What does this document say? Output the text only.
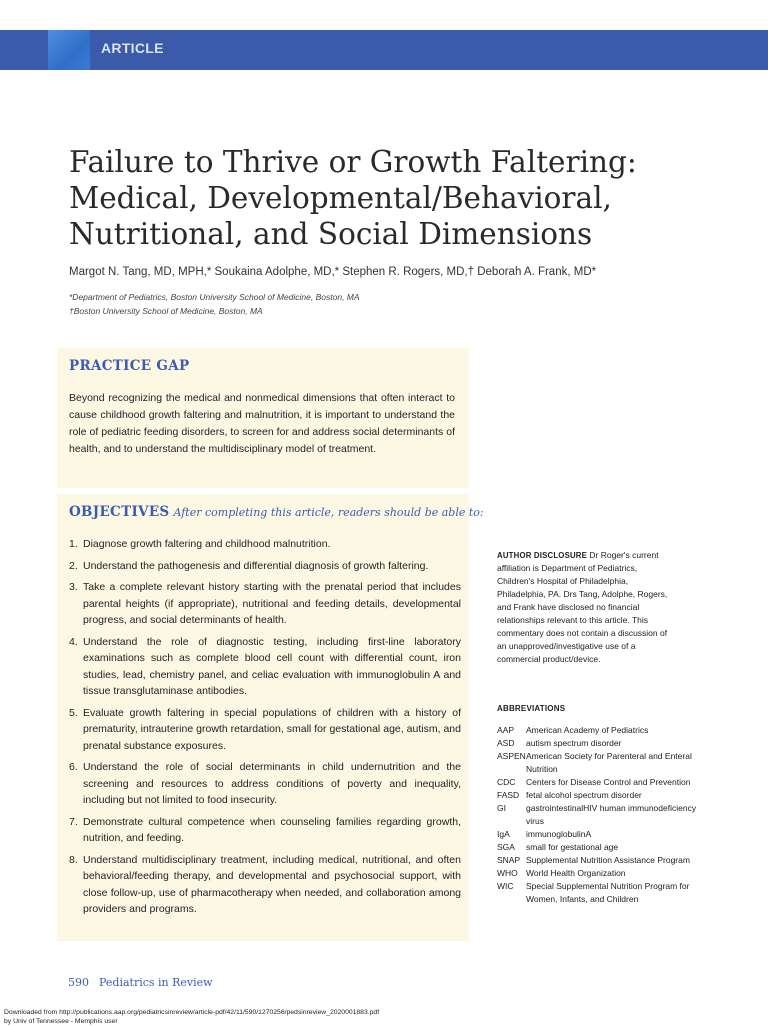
ARTICLE
Failure to Thrive or Growth Faltering:
Medical, Developmental/Behavioral,
Nutritional, and Social Dimensions
Margot N. Tang, MD, MPH,* Soukaina Adolphe, MD,* Stephen R. Rogers, MD,† Deborah A. Frank, MD*
*Department of Pediatrics, Boston University School of Medicine, Boston, MA
†Boston University School of Medicine, Boston, MA
PRACTICE GAP

Beyond recognizing the medical and nonmedical dimensions that often interact to cause childhood growth faltering and malnutrition, it is important to understand the role of pediatric feeding disorders, to screen for and address social determinants of health, and to understand the multidisciplinary model of treatment.

OBJECTIVES After completing this article, readers should be able to:
1. Diagnose growth faltering and childhood malnutrition.
2. Understand the pathogenesis and differential diagnosis of growth faltering.
3. Take a complete relevant history starting with the prenatal period that includes parental heights (if appropriate), nutritional and feeding details, developmental progress, and social determinants of health.
4. Understand the role of diagnostic testing, including first-line laboratory examinations such as complete blood cell count with differential count, iron studies, lead, chemistry panel, and celiac evaluation with immunoglobulin A and tissue transglutaminase antibodies.
5. Evaluate growth faltering in special populations of children with a history of prematurity, intrauterine growth retardation, small for gestational age, autism, and prenatal substance exposures.
6. Understand the role of social determinants in child undernutrition and the screening and resources to address conditions of poverty and inequality, including but not limited to food insecurity.
7. Demonstrate cultural competence when counseling families regarding growth, nutrition, and feeding.
8. Understand multidisciplinary treatment, including medical, nutritional, and often behavioral/feeding therapy, and developmental and psychosocial support, with close follow-up, use of pharmacotherapy when needed, and collaboration among providers and programs.
AUTHOR DISCLOSURE Dr Roger's current affiliation is Department of Pediatrics, Children's Hospital of Philadelphia, Philadelphia, PA. Drs Tang, Adolphe, Rogers, and Frank have disclosed no financial relationships relevant to this article. This commentary does not contain a discussion of an unapproved/investigative use of a commercial product/device.
ABBREVIATIONS
AAP	American Academy of Pediatrics
ASD	autism spectrum disorder
ASPEN American Society for Parenteral and Enteral Nutrition
CDC	Centers for Disease Control and Prevention
FASD fetal alcohol spectrum disorder
GI	gastrointestinalHIV human immunodeficiency virus
IgA	immunoglobulinA
SGA	small for gestational age
SNAP Supplemental Nutrition Assistance Program
WHO World Health Organization
WIC	Special Supplemental Nutrition Program for Women, Infants, and Children
590 Pediatrics in Review
Downloaded from http://publications.aap.org/pediatricsinreview/article-pdf/42/11/590/1270256/pedsinreview_2020001883.pdf
by Univ of Tennessee - Memphis user
